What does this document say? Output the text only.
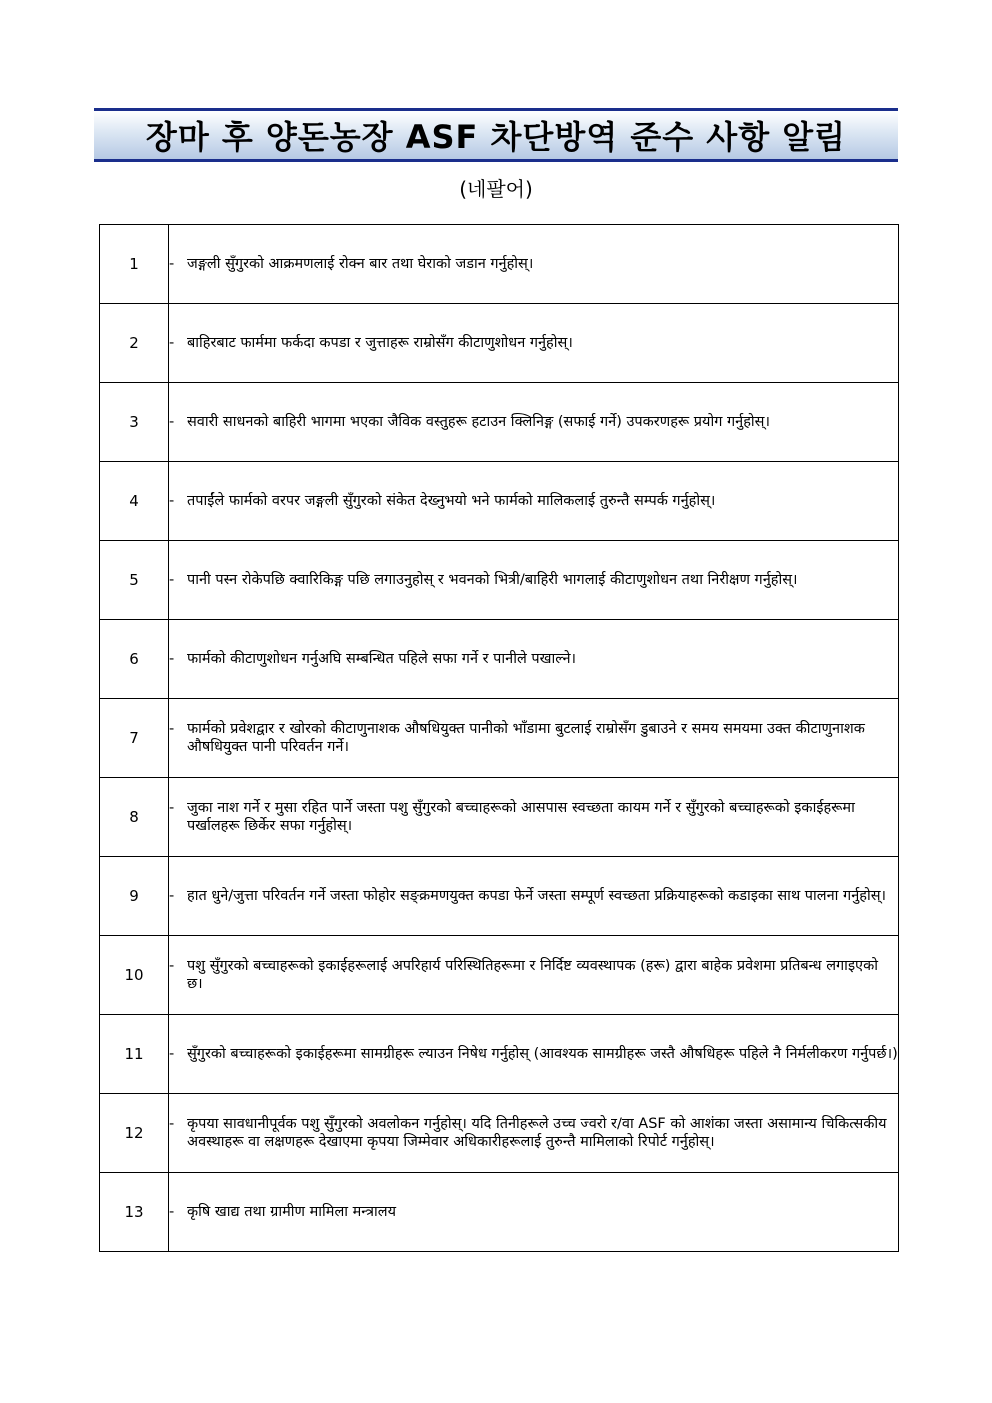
장마 후 양돈농장 ASF 차단방역 준수 사항 알림
(네팔어)
1	- जङ्गली सुँगुरको आक्रमणलाई रोक्न बार तथा घेराको जडान गर्नुहोस्।

2	- बाहिरबाट फार्ममा फर्कदा कपडा र जुत्ताहरू राम्रोसँग कीटाणुशोधन गर्नुहोस्।

3	- सवारी साधनको बाहिरी भागमा भएका जैविक वस्तुहरू हटाउन क्लिनिङ्ग (सफाई गर्ने) उपकरणहरू प्रयोग गर्नुहोस्।

4	- तपाईंले फार्मको वरपर जङ्गली सुँगुरको संकेत देख्नुभयो भने फार्मको मालिकलाई तुरुन्तै सम्पर्क गर्नुहोस्।

5	- पानी पस्न रोकेपछि क्वारिकिङ्ग पछि लगाउनुहोस् र भवनको भित्री/बाहिरी भागलाई कीटाणुशोधन तथा निरीक्षण गर्नुहोस्।

6	- फार्मको कीटाणुशोधन गर्नुअघि सम्बन्धित पहिले सफा गर्ने र पानीले पखाल्ने।

7	- फार्मको प्रवेशद्वार र खोरको कीटाणुनाशक औषधियुक्त पानीको भाँडामा बुटलाई राम्रोसँग डुबाउने र समय समयमा उक्त कीटाणुनाशक औषधियुक्त पानी परिवर्तन गर्ने।

8	- जुका नाश गर्ने र मुसा रहित पार्ने जस्ता पशु सुँगुरको बच्चाहरूको आसपास स्वच्छता कायम गर्ने र सुँगुरको बच्चाहरूको इकाईहरूमा पर्खालहरू छिर्केर सफा गर्नुहोस्।

9	- हात धुने/जुत्ता परिवर्तन गर्ने जस्ता फोहोर सङ्क्रमणयुक्त कपडा फेर्ने जस्ता सम्पूर्ण स्वच्छता प्रक्रियाहरूको कडाइका साथ पालना गर्नुहोस्।

10	- पशु सुँगुरको बच्चाहरूको इकाईहरूलाई अपरिहार्य परिस्थितिहरूमा र निर्दिष्ट व्यवस्थापक (हरू) द्वारा बाहेक प्रवेशमा प्रतिबन्ध लगाइएको छ।

11	- सुँगुरको बच्चाहरूको इकाईहरूमा सामग्रीहरू ल्याउन निषेध गर्नुहोस् (आवश्यक सामग्रीहरू जस्तै औषधिहरू पहिले नै निर्मलीकरण गर्नुपर्छ।)

12	- कृपया सावधानीपूर्वक पशु सुँगुरको अवलोकन गर्नुहोस्। यदि तिनीहरूले उच्च ज्वरो र/वा ASF को आशंका जस्ता असामान्य चिकित्सकीय अवस्थाहरू वा लक्षणहरू देखाएमा कृपया जिम्मेवार अधिकारीहरूलाई तुरुन्तै मामिलाको रिपोर्ट गर्नुहोस्।

13	- कृषि खाद्य तथा ग्रामीण मामिला मन्त्रालय
